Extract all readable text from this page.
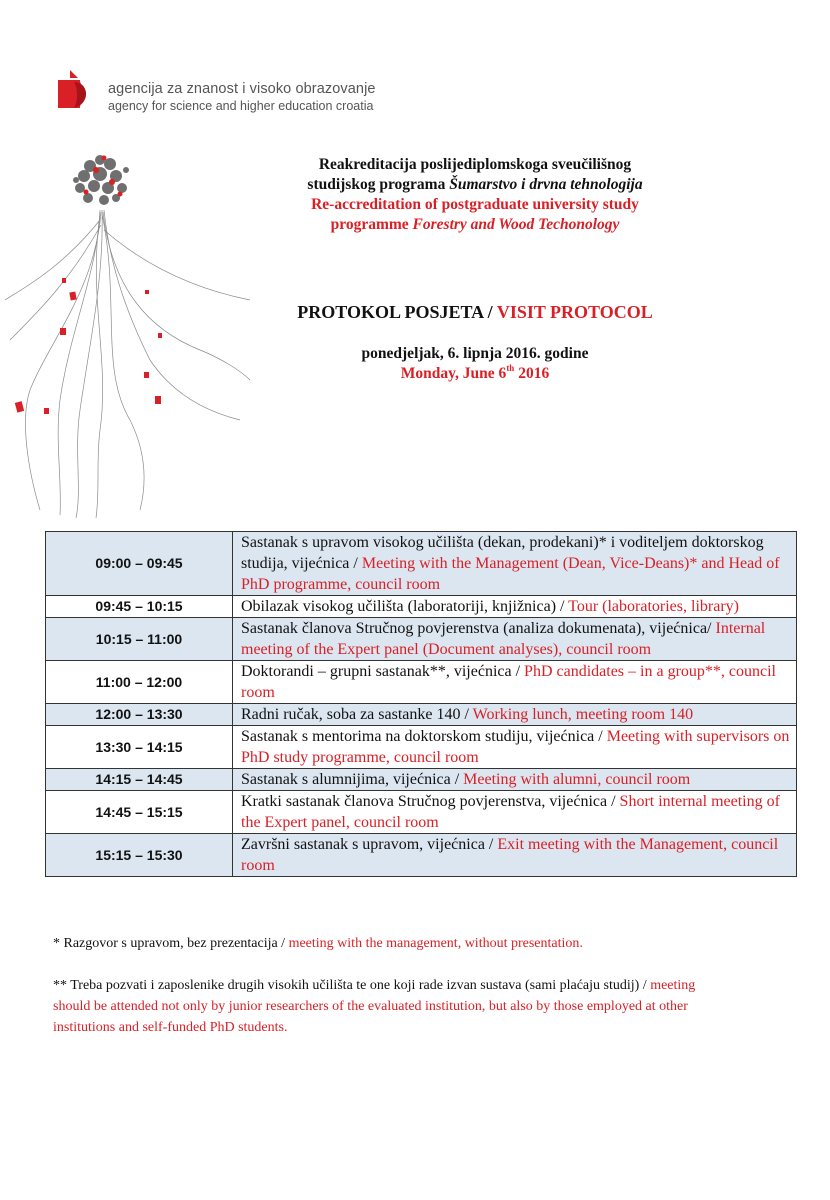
agencija za znanost i visoko obrazovanje
agency for science and higher education croatia
Reakreditacija poslijediplomskoga sveučilišnog
studijskog programa Šumarstvo i drvna tehnologija
Re-accreditation of postgraduate university study
programme Forestry and Wood Techonology
PROTOKOL POSJETA / VISIT PROTOCOL
ponedjeljak, 6. lipnja 2016. godine
Monday, June 6th 2016
09:00 – 09:45	Sastanak s upravom visokog učilišta (dekan, prodekani)* i voditeljem doktorskog studija, vijećnica / Meeting with the Management (Dean, Vice-Deans)* and Head of PhD programme, council room
09:45 – 10:15	Obilazak visokog učilišta (laboratoriji, knjižnica) / Tour (laboratories, library)
10:15 – 11:00	Sastanak članova Stručnog povjerenstva (analiza dokumenata), vijećnica/ Internal meeting of the Expert panel (Document analyses), council room
11:00 – 12:00	Doktorandi – grupni sastanak**, vijećnica / PhD candidates – in a group**, council room
12:00 – 13:30	Radni ručak, soba za sastanke 140 / Working lunch, meeting room 140
13:30 – 14:15	Sastanak s mentorima na doktorskom studiju, vijećnica / Meeting with supervisors on PhD study programme, council room
14:15 – 14:45	Sastanak s alumnijima, vijećnica / Meeting with alumni, council room
14:45 – 15:15	Kratki sastanak članova Stručnog povjerenstva, vijećnica / Short internal meeting of the Expert panel, council room
15:15 – 15:30	Završni sastanak s upravom, vijećnica / Exit meeting with the Management, council room
* Razgovor s upravom, bez prezentacija / meeting with the management, without presentation.
** Treba pozvati i zaposlenike drugih visokih učilišta te one koji rade izvan sustava (sami plaćaju studij) / meeting should be attended not only by junior researchers of the evaluated institution, but also by those employed at other institutions and self-funded PhD students.
